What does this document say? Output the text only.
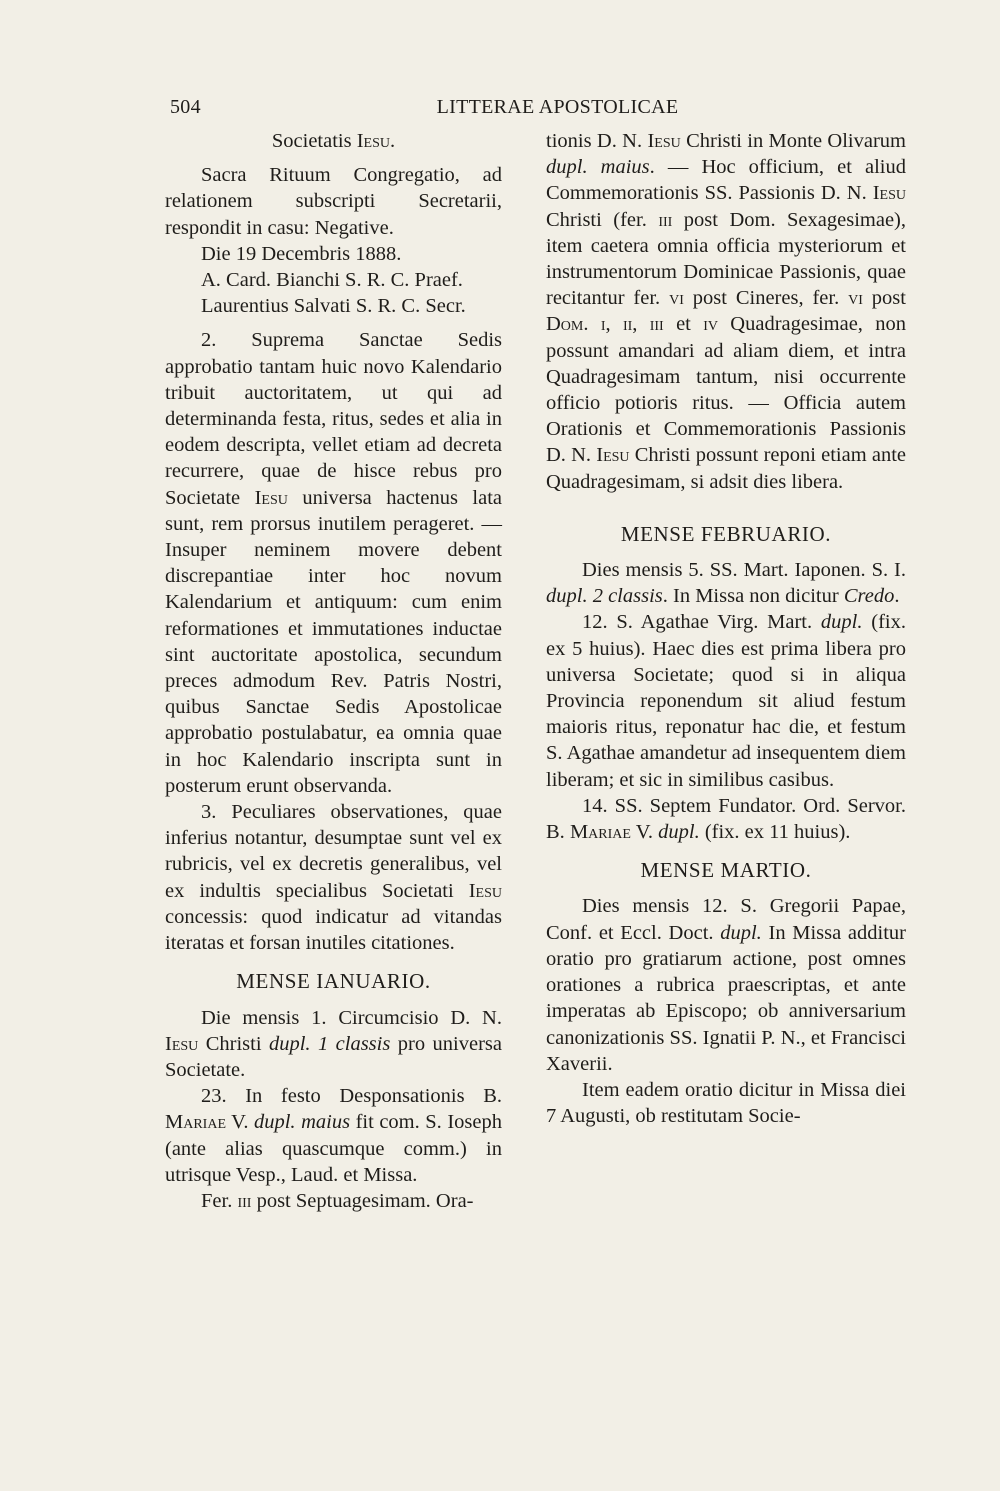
504	LITTERAE APOSTOLICAE

Societatis Iesu.

Sacra Rituum Congregatio, ad relationem subscripti Secretarii, respondit in casu: Negative.

Die 19 Decembris 1888.

A. Card. Bianchi S. R. C. Praef.

Laurentius Salvati S. R. C. Secr.

2. Suprema Sanctae Sedis approbatio tantam huic novo Kalendario tribuit auctoritatem, ut qui ad determinanda festa, ritus, sedes et alia in eodem descripta, vellet etiam ad decreta recurrere, quae de hisce rebus pro Societate Iesu universa hactenus lata sunt, rem prorsus inutilem perageret. — Insuper neminem movere debent discrepantiae inter hoc novum Kalendarium et antiquum: cum enim reformationes et immutationes inductae sint auctoritate apostolica, secundum preces admodum Rev. Patris Nostri, quibus Sanctae Sedis Apostolicae approbatio postulabatur, ea omnia quae in hoc Kalendario inscripta sunt in posterum erunt observanda.

3. Peculiares observationes, quae inferius notantur, desumptae sunt vel ex rubricis, vel ex decretis generalibus, vel ex indultis specialibus Societati Iesu concessis: quod indicatur ad vitandas iteratas et forsan inutiles citationes.

MENSE IANUARIO.

Die mensis 1. Circumcisio D. N. Iesu Christi dupl. 1 classis pro universa Societate.

23. In festo Desponsationis B. Mariae V. dupl. maius fit com. S. Ioseph (ante alias quascumque comm.) in utrisque Vesp., Laud. et Missa.

Fer. iii post Septuagesimam. Ora-

tionis D. N. Iesu Christi in Monte Olivarum dupl. maius. — Hoc officium, et aliud Commemorationis SS. Passionis D. N. Iesu Christi (fer. iii post Dom. Sexagesimae), item caetera omnia officia mysteriorum et instrumentorum Dominicae Passionis, quae recitantur fer. vi post Cineres, fer. vi post Dom. i, ii, iii et iv Quadragesimae, non possunt amandari ad aliam diem, et intra Quadragesimam tantum, nisi occurrente officio potioris ritus. — Officia autem Orationis et Commemorationis Passionis D. N. Iesu Christi possunt reponi etiam ante Quadragesimam, si adsit dies libera.

MENSE FEBRUARIO.

Dies mensis 5. SS. Mart. Iaponen. S. I. dupl. 2 classis. In Missa non dicitur Credo.

12. S. Agathae Virg. Mart. dupl. (fix. ex 5 huius). Haec dies est prima libera pro universa Societate; quod si in aliqua Provincia reponendum sit aliud festum maioris ritus, reponatur hac die, et festum S. Agathae amandetur ad insequentem diem liberam; et sic in similibus casibus.

14. SS. Septem Fundator. Ord. Servor. B. Mariae V. dupl. (fix. ex 11 huius).

MENSE MARTIO.

Dies mensis 12. S. Gregorii Papae, Conf. et Eccl. Doct. dupl. In Missa additur oratio pro gratiarum actione, post omnes orationes a rubrica praescriptas, et ante imperatas ab Episcopo; ob anniversarium canonizationis SS. Ignatii P. N., et Francisci Xaverii.

Item eadem oratio dicitur in Missa diei 7 Augusti, ob restitutam Socie-
